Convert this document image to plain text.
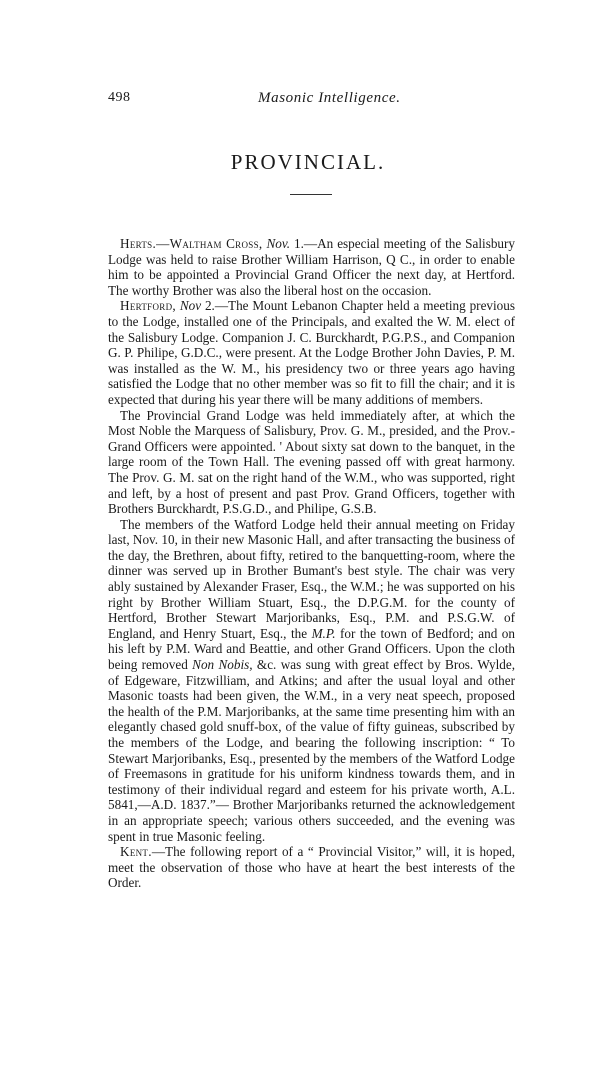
498	Masonic Intelligence.
PROVINCIAL.

Herts.—Waltham Cross, Nov. 1.—An especial meeting of the Salisbury Lodge was held to raise Brother William Harrison, Q C., in order to enable him to be appointed a Provincial Grand Officer the next day, at Hertford. The worthy Brother was also the liberal host on the occasion.

Hertford, Nov 2.—The Mount Lebanon Chapter held a meeting previous to the Lodge, installed one of the Principals, and exalted the W. M. elect of the Salisbury Lodge. Companion J. C. Burckhardt, P.G.P.S., and Companion G. P. Philipe, G.D.C., were present. At the Lodge Brother John Davies, P. M. was installed as the W. M., his presidency two or three years ago having satisfied the Lodge that no other member was so fit to fill the chair; and it is expected that during his year there will be many additions of members.

The Provincial Grand Lodge was held immediately after, at which the Most Noble the Marquess of Salisbury, Prov. G. M., presided, and the Prov.-Grand Officers were appointed. ' About sixty sat down to the banquet, in the large room of the Town Hall. The evening passed off with great harmony. The Prov. G. M. sat on the right hand of the W.M., who was supported, right and left, by a host of present and past Prov. Grand Officers, together with Brothers Burckhardt, P.S.G.D., and Philipe, G.S.B.

The members of the Watford Lodge held their annual meeting on Friday last, Nov. 10, in their new Masonic Hall, and after transacting the business of the day, the Brethren, about fifty, retired to the banquetting-room, where the dinner was served up in Brother Bumant's best style. The chair was very ably sustained by Alexander Fraser, Esq., the W.M.; he was supported on his right by Brother William Stuart, Esq., the D.P.G.M. for the county of Hertford, Brother Stewart Marjoribanks, Esq., P.M. and P.S.G.W. of England, and Henry Stuart, Esq., the M.P. for the town of Bedford; and on his left by P.M. Ward and Beattie, and other Grand Officers. Upon the cloth being removed Non Nobis, &c. was sung with great effect by Bros. Wylde, of Edgeware, Fitzwilliam, and Atkins; and after the usual loyal and other Masonic toasts had been given, the W.M., in a very neat speech, proposed the health of the P.M. Marjoribanks, at the same time presenting him with an elegantly chased gold snuff-box, of the value of fifty guineas, subscribed by the members of the Lodge, and bearing the following inscription: “ To Stewart Marjoribanks, Esq., presented by the members of the Watford Lodge of Freemasons in gratitude for his uniform kindness towards them, and in testimony of their individual regard and esteem for his private worth, A.L. 5841,—A.D. 1837.”— Brother Marjoribanks returned the acknowledgement in an appropriate speech; various others succeeded, and the evening was spent in true Masonic feeling.

Kent.—The following report of a “ Provincial Visitor,” will, it is hoped, meet the observation of those who have at heart the best interests of the Order.
